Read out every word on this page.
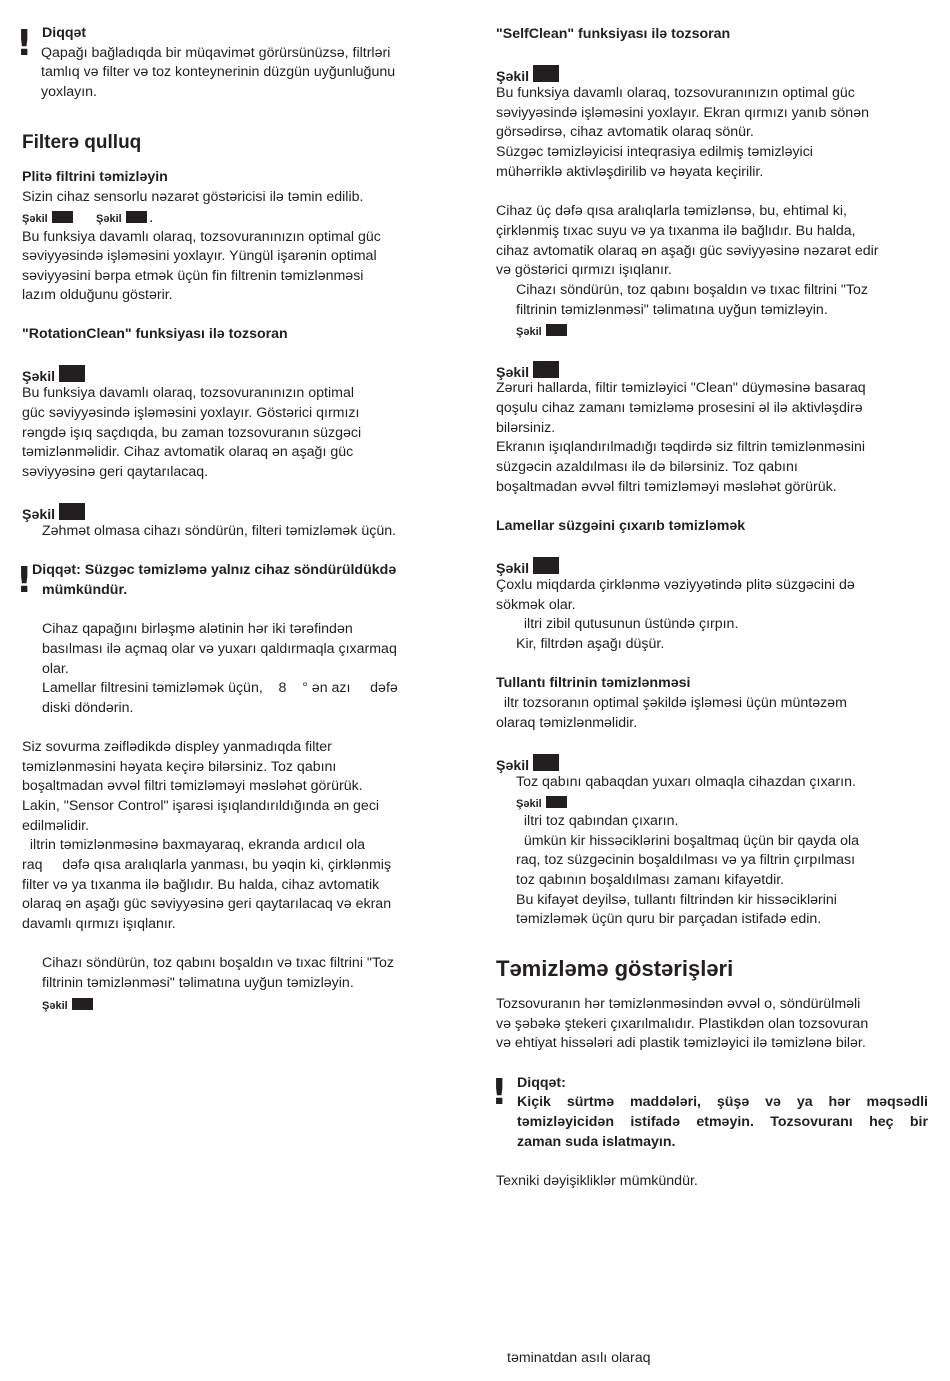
! Diqqət
Qapağı bağladıqda bir müqavimət görürsünüzsə, filtrləri
tamlıq və filter və toz konteynerinin düzgün uyğunluğunu
yoxlayın.
Filterə qulluq
Plitə filtrini təmizləyin
Sizin cihaz sensorlu nəzarət göstəricisi ilə təmin edilib.
Şəkil	Şəkil	.
Bu funksiya davamlı olaraq, tozsovuranınızın optimal güc
səviyyəsində işləməsini yoxlayır. Yüngül işarənin optimal
səviyyəsini bərpa etmək üçün fin filtrenin təmizlənməsi
lazım olduğunu göstərir.
"RotationClean" funksiyası ilə tozsoran
Şəkil
Bu funksiya davamlı olaraq, tozsovuranınızın optimal
güc səviyyəsində işləməsini yoxlayır. Göstərici qırmızı
rəngdə işıq saçdıqda, bu zaman tozsovuranın süzgəci
təmizlənməlidir. Cihaz avtomatik olaraq ən aşağı güc
səviyyəsinə geri qaytarılacaq.
Şəkil
Zəhmət olmasa cihazı söndürün, filteri təmizləmək üçün.
! Diqqət: Süzgəc təmizləmə yalnız cihaz söndürüldükdə
mümkündür.
Cihaz qapağını birləşmə alətinin hər iki tərəfindən
basılması ilə açmaq olar və yuxarı qaldırmaqla çıxarmaq
olar.
Lamellar filtresini təmizləmək üçün,    8    ° ən azı     dəfə
diski döndərin.
Siz sovurma zəiflədikdə displey yanmadıqda filter
təmizlənməsini həyata keçirə bilərsiniz. Toz qabını
boşaltmadan əvvəl filtri təmizləməyi məsləhət görürük.
Lakin, "Sensor Control" işarəsi işıqlandırıldığında ən geci
edilməlidir.
iltrin təmizlənməsinə baxmayaraq, ekranda ardıcıl ola
raq     dəfə qısa aralıqlarla yanması, bu yəqin ki, çirklənmiş
filter və ya tıxanma ilə bağlıdır. Bu halda, cihaz avtomatik
olaraq ən aşağı güc səviyyəsinə geri qaytarılacaq və ekran
davamlı qırmızı işıqlanır.
Cihazı söndürün, toz qabını boşaldın və tıxac filtrini "Toz
filtrinin təmizlənməsi" təlimatına uyğun təmizləyin.
Şəkil
"SelfClean" funksiyası ilə tozsoran
Şəkil
Bu funksiya davamlı olaraq, tozsovuranınızın optimal güc
səviyyəsində işləməsini yoxlayır. Ekran qırmızı yanıb sönən
görsədirsə, cihaz avtomatik olaraq sönür.
Süzgəc təmizləyicisi inteqrasiya edilmiş təmizləyici
mühərriklə aktivləşdirilib və həyata keçirilir.
Cihaz üç dəfə qısa aralıqlarla təmizlənsə, bu, ehtimal ki,
çirklənmiş tıxac suyu və ya tıxanma ilə bağlıdır. Bu halda,
cihaz avtomatik olaraq ən aşağı güc səviyyəsinə nəzarət edir
və göstərici qırmızı işıqlanır.
Cihazı söndürün, toz qabını boşaldın və tıxac filtrini "Toz
filtrinin təmizlənməsi" təlimatına uyğun təmizləyin.
Şəkil
Şəkil
Zəruri hallarda, filtir təmizləyici "Clean" düyməsinə basaraq
qoşulu cihaz zamanı təmizləmə prosesini əl ilə aktivləşdirə
bilərsiniz.
Ekranın işıqlandırılmadığı təqdirdə siz filtrin təmizlənməsini
süzgəcin azaldılması ilə də bilərsiniz. Toz qabını
boşaltmadan əvvəl filtri təmizləməyi məsləhət görürük.
Lamellar süzgəini çıxarıb təmizləmək
Şəkil
Çoxlu miqdarda çirklənmə vəziyyətində plitə süzgəcini də
sökmək olar.
iltri zibil qutusunun üstündə çırpın.
Kir, filtrdən aşağı düşür.
Tullantı filtrinin təmizlənməsi
iltr tozsoranın optimal şəkildə işləməsi üçün müntəzəm
olaraq təmizlənməlidir.
Şəkil
Toz qabını qabaqdan yuxarı olmaqla cihazdan çıxarın.
Şəkil
iltri toz qabından çıxarın.
ümkün kir hissəciklərini boşaltmaq üçün bir qayda ola
raq, toz süzgəcinin boşaldılması və ya filtrin çırpılması
toz qabının boşaldılması zamanı kifayətdir.
Bu kifayət deyilsə, tullantı filtrindən kir hissəciklərini
təmizləmək üçün quru bir parçadan istifadə edin.
Təmizləmə göstərişləri
Tozsovuranın hər təmizlənməsindən əvvəl o, söndürülməli
və şəbəkə ştekeri çıxarılmalıdır. Plastikdən olan tozsovuran
və ehtiyat hissələri adi plastik təmizləyici ilə təmizlənə bilər.
! Diqqət:
Kiçik sürtmə maddələri, şüşə və ya hər məqsədli
təmizləyicidən istifadə etməyin. Tozsovuranı heç bir
zaman suda islatmayın.
Texniki dəyişikliklər mümkündür.
təminatdan asılı olaraq
